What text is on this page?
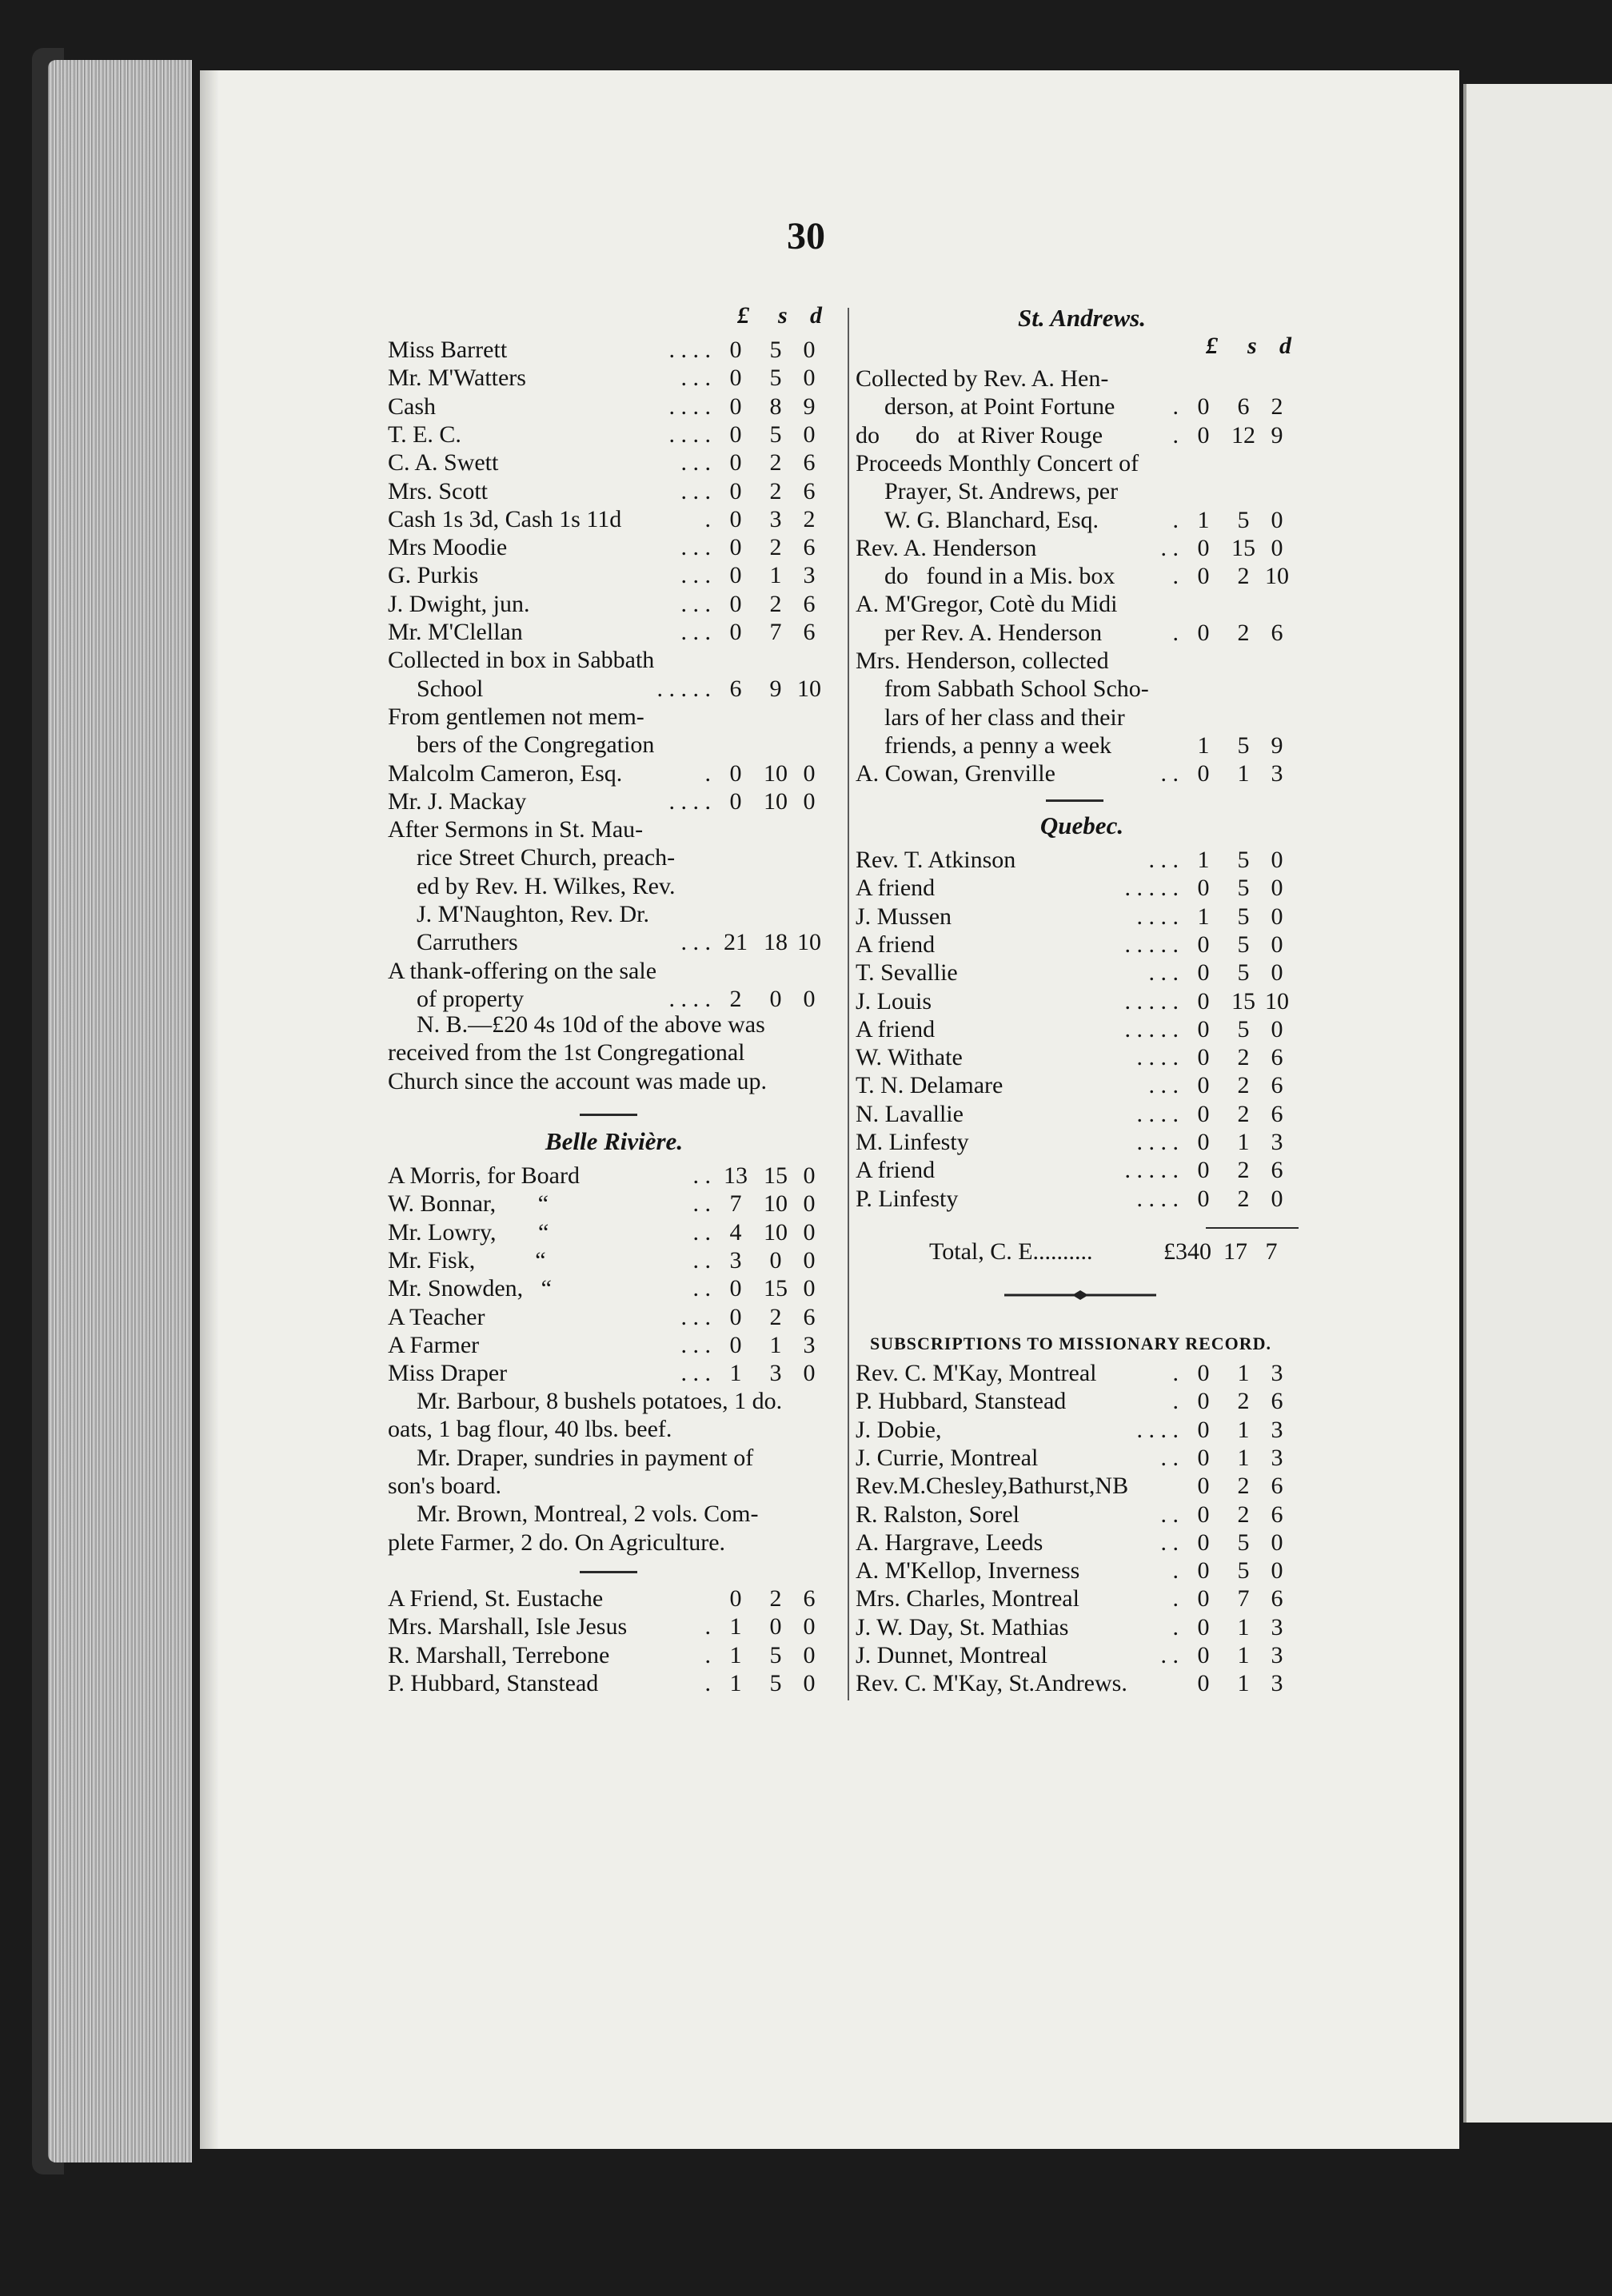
30
£ s d
Miss Barrett	. . . . 0	5 0
Mr. M'Watters	. . . 0	5 0
Cash	. . . . 0	8 9
T. E. C.	. . . . 0	5 0
C. A. Swett	. . . 0	2 6
Mrs. Scott	. . . 0	2 6
Cash 1s 3d, Cash 1s 11d	. 0	3 2
Mrs Moodie	. . . 0	2 6
G. Purkis	. . . 0	1 3
J. Dwight, jun.	. . . 0	2 6
Mr. M'Clellan	. . . 0	7 6
Collected in box in Sabbath
School	. . . . . 6	9 10
From gentlemen not mem-
bers of the Congregation
Malcolm Cameron, Esq.	. 0 10 0
Mr. J. Mackay	. . . . 0 10 0
After Sermons in St. Mau-
rice Street Church, preach-
ed by Rev. H. Wilkes, Rev.
J. M'Naughton, Rev. Dr.
Carruthers	. . . 21 18 10
A thank-offering on the sale
of property	. . . . 2	0 0
N. B.—£20 4s 10d of the above was
received from the 1st Congregational
Church since the account was made up.
Belle Rivière.
A Morris, for Board	. . 13 15 0
W. Bonnar,       “	. . 7 10 0
Mr. Lowry,       “	. . 4 10 0
Mr. Fisk,          “	. . 3	0 0
Mr. Snowden,   “	. . 0 15 0
A Teacher	. . . 0	2 6
A Farmer	. . . 0	1 3
Miss Draper	. . . 1	3 0
Mr. Barbour, 8 bushels potatoes, 1 do.
oats, 1 bag flour, 40 lbs. beef.
Mr. Draper, sundries in payment of
son's board.
Mr. Brown, Montreal, 2 vols. Com-
plete Farmer, 2 do. On Agriculture.
A Friend, St. Eustache	0	2 6
Mrs. Marshall, Isle Jesus	. 1	0 0
R. Marshall, Terrebone	. 1	5 0
P. Hubbard, Stanstead	. 1	5 0
St. Andrews.
£ s d
Collected by Rev. A. Hen-
derson, at Point Fortune . 0	6 2
do      do   at River Rouge	. 0 12 9
Proceeds Monthly Concert of
Prayer, St. Andrews, per
W. G. Blanchard, Esq.	. 1	5 0
Rev. A. Henderson	. . 0 15 0
do   found in a Mis. box . 0	2 10
A. M'Gregor, Cotè du Midi
per Rev. A. Henderson	. 0	2 6
Mrs. Henderson, collected
from Sabbath School Scho-
lars of her class and their
friends, a penny a week	1	5 9
A. Cowan, Grenville	. . 0	1 3
Quebec.
Rev. T. Atkinson	. . . 1	5 0
A friend	. . . . . 0	5 0
J. Mussen	. . . . 1	5 0
A friend	. . . . . 0	5 0
T. Sevallie	. . . 0	5 0
J. Louis	. . . . . 0 15 10
A friend	. . . . . 0	5 0
W. Withate	. . . . 0	2 6
T. N. Delamare	. . . 0	2 6
N. Lavallie	. . . . 0	2 6
M. Linfesty	. . . . 0	1 3
A friend	. . . . . 0	2 6
P. Linfesty	. . . . 0	2 0
Total, C. E..........	£340  17   7
SUBSCRIPTIONS TO MISSIONARY RECORD.
Rev. C. M'Kay, Montreal	. 0	1 3
P. Hubbard, Stanstead	. 0	2 6
J. Dobie,	. . . . 0	1 3
J. Currie, Montreal	. . 0	1 3
Rev.M.Chesley,Bathurst,NB	0	2 6
R. Ralston, Sorel	. . 0	2 6
A. Hargrave, Leeds	. . 0	5 0
A. M'Kellop, Inverness	. 0	5 0
Mrs. Charles, Montreal	. 0	7 6
J. W. Day, St. Mathias	. 0	1 3
J. Dunnet, Montreal	. . 0	1 3
Rev. C. M'Kay, St.Andrews.	0	1 3
